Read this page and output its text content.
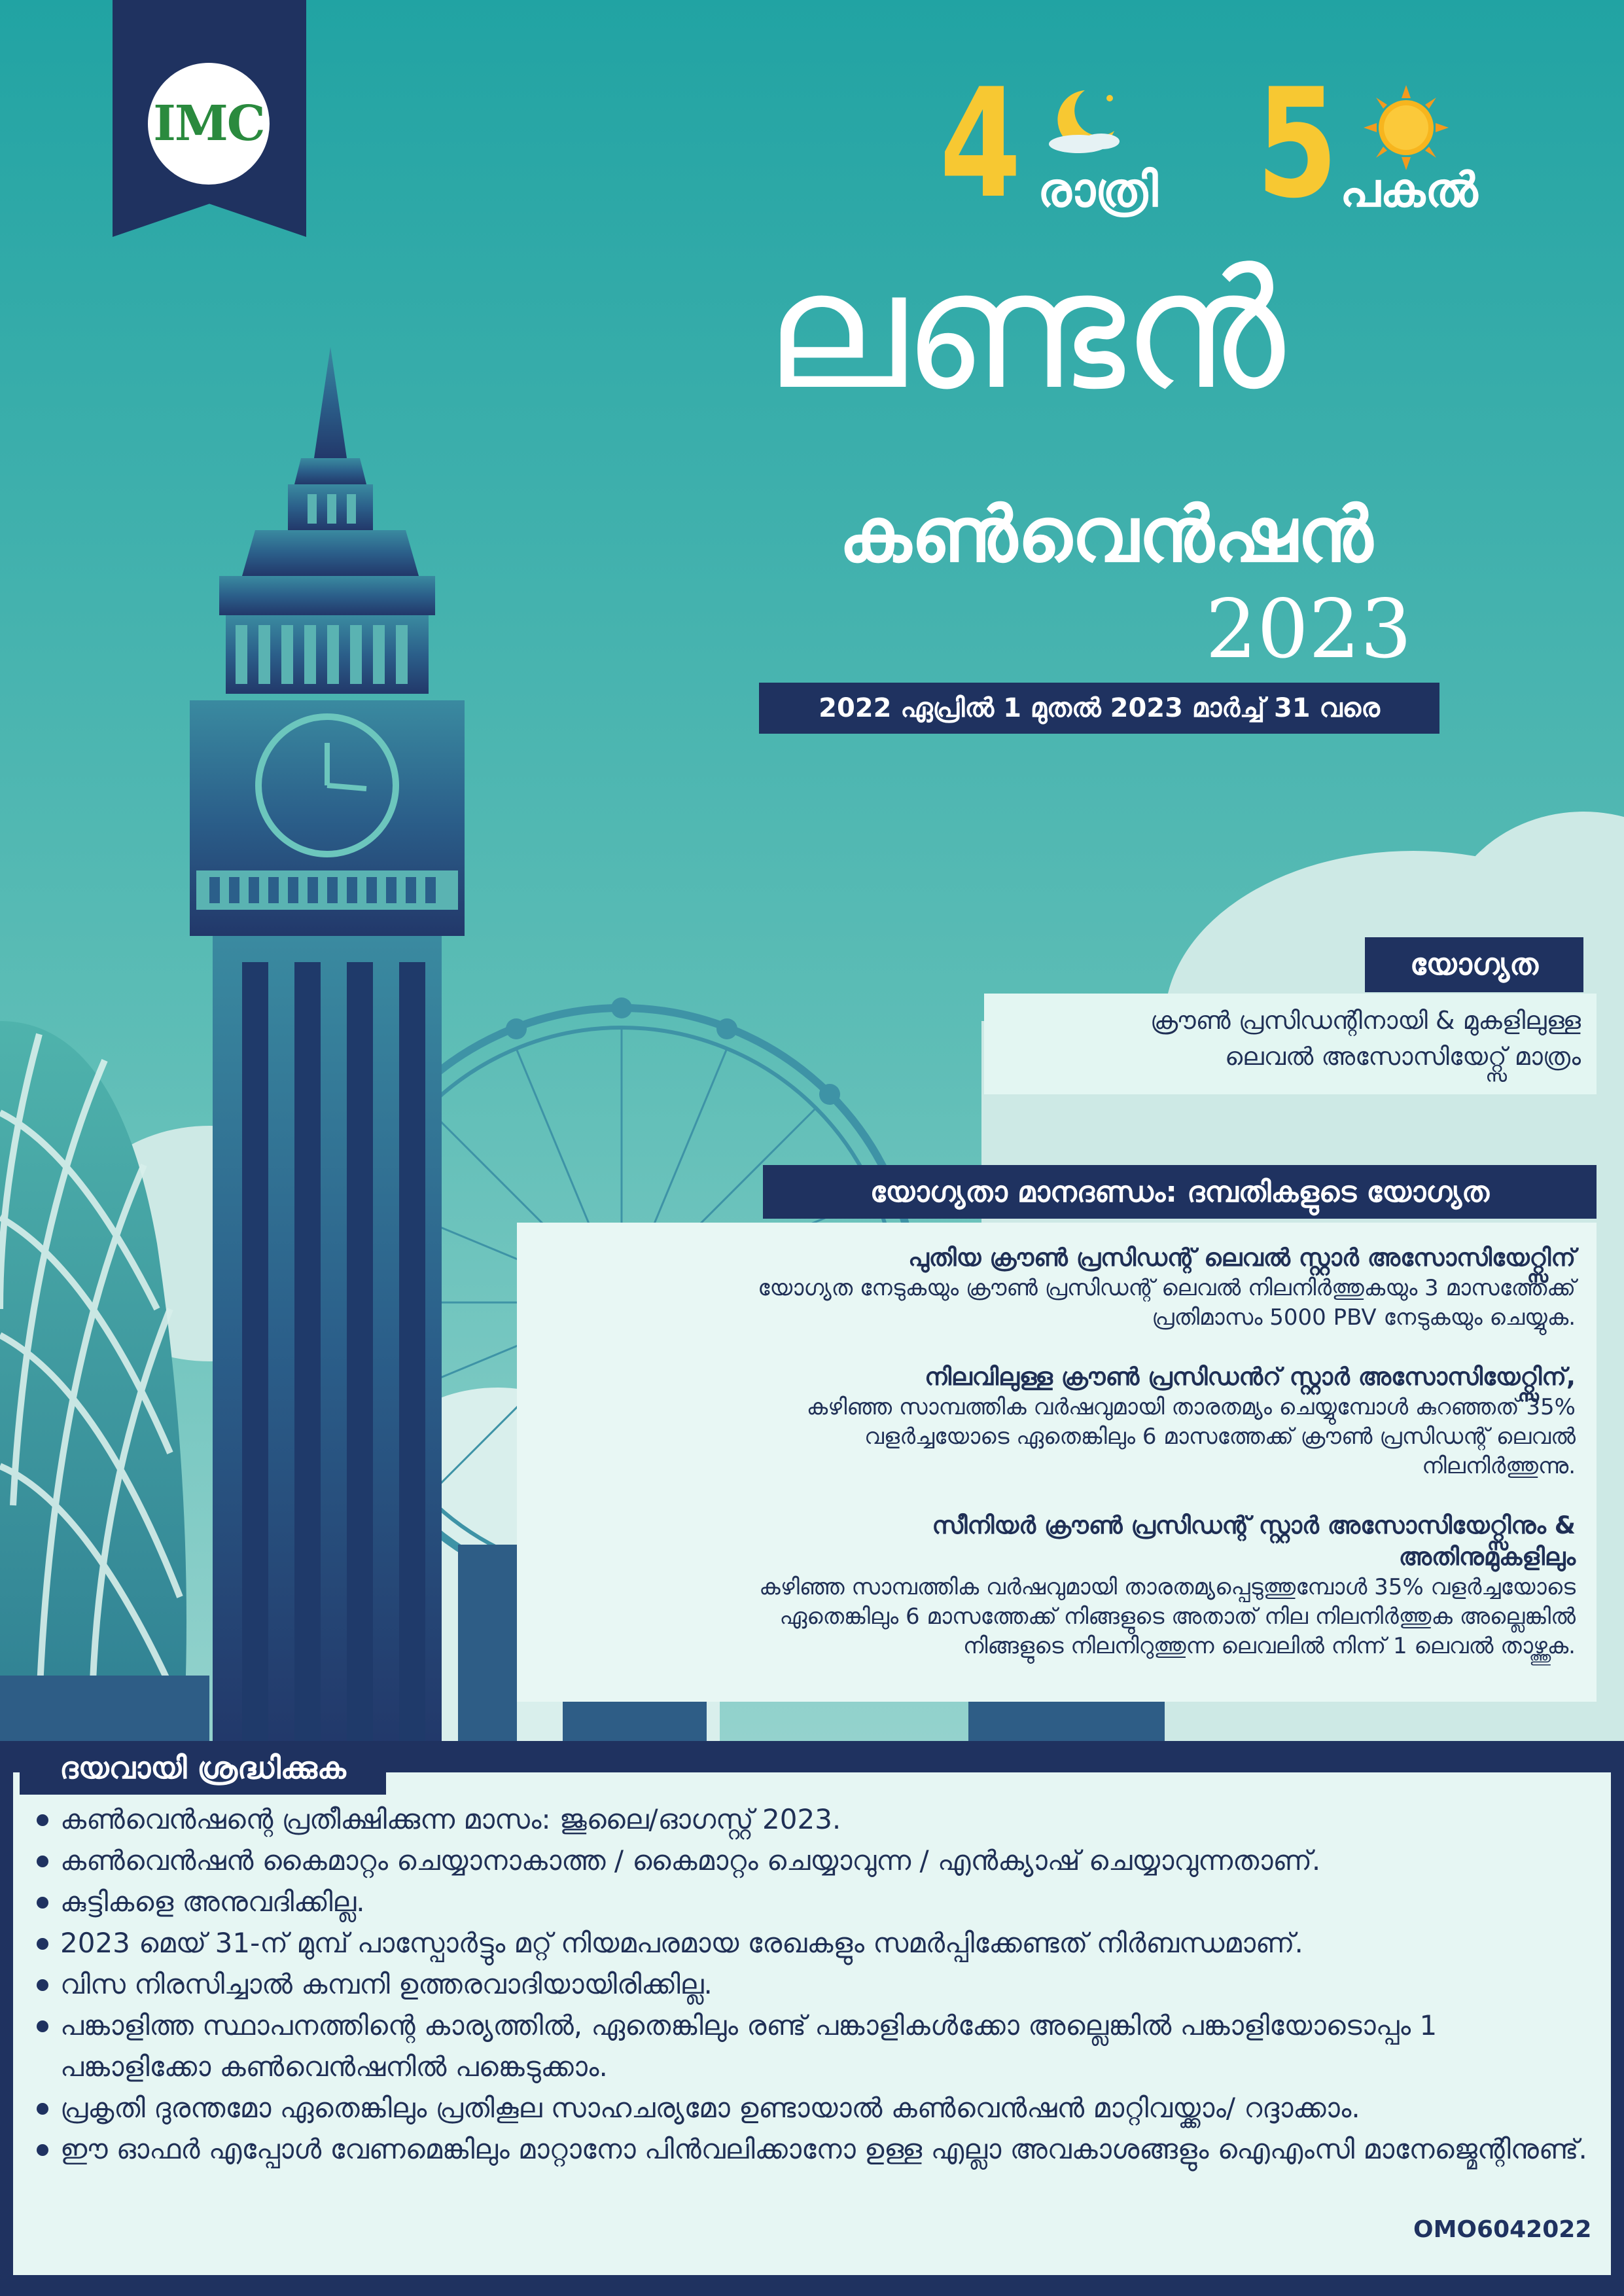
IMC	4 രാത്രി 5 പകൽ
ലണ്ടൻ
കൺവെൻഷൻ
2023
2022 ഏപ്രിൽ 1 മുതൽ 2023 മാർച്ച് 31 വരെ
യോഗ്യത
ക്രൗൺ പ്രസിഡന്റിനായി & മുകളിലുള്ള
ലെവൽ അസോസിയേറ്റ്സ് മാത്രം
യോഗ്യതാ മാനദണ്ഡം: ദമ്പതികളുടെ യോഗ്യത
പുതിയ ക്രൗൺ പ്രസിഡന്റ് ലെവൽ സ്റ്റാർ അസോസിയേറ്റ്സിന്
യോഗ്യത നേടുകയും ക്രൗൺ പ്രസിഡന്റ് ലെവൽ നിലനിർത്തുകയും 3 മാസത്തേക്ക്
പ്രതിമാസം 5000 PBV നേടുകയും ചെയ്യുക.
നിലവിലുള്ള ക്രൗൺ പ്രസിഡൻറ് സ്റ്റാർ അസോസിയേറ്റ്സിന്,
കഴിഞ്ഞ സാമ്പത്തിക വർഷവുമായി താരതമ്യം ചെയ്യുമ്പോൾ കുറഞ്ഞത് 35%
വളർച്ചയോടെ ഏതെങ്കിലും 6 മാസത്തേക്ക് ക്രൗൺ പ്രസിഡന്റ് ലെവൽ
നിലനിർത്തുന്നു.
സീനിയർ ക്രൗൺ പ്രസിഡന്റ് സ്റ്റാർ അസോസിയേറ്റ്സിനും &
അതിനുമുകളിലും
കഴിഞ്ഞ സാമ്പത്തിക വർഷവുമായി താരതമ്യപ്പെടുത്തുമ്പോൾ 35% വളർച്ചയോടെ
ഏതെങ്കിലും 6 മാസത്തേക്ക് നിങ്ങളുടെ അതാത് നില നിലനിർത്തുക അല്ലെങ്കിൽ
നിങ്ങളുടെ നിലനിറുത്തുന്ന ലെവലിൽ നിന്ന് 1 ലെവൽ താഴ്ത്തുക.
ദയവായി ശ്രദ്ധിക്കുക
കൺവെൻഷന്റെ പ്രതീക്ഷിക്കുന്ന മാസം: ജൂലൈ/ഓഗസ്റ്റ് 2023.
കൺവെൻഷൻ കൈമാറ്റം ചെയ്യാനാകാത്ത / കൈമാറ്റം ചെയ്യാവുന്ന / എൻക്യാഷ് ചെയ്യാവുന്നതാണ്.
കുട്ടികളെ അനുവദിക്കില്ല.
2023 മെയ് 31-ന് മുമ്പ് പാസ്പോർട്ടും മറ്റ് നിയമപരമായ രേഖകളും സമർപ്പിക്കേണ്ടത് നിർബന്ധമാണ്.
വിസ നിരസിച്ചാൽ കമ്പനി ഉത്തരവാദിയായിരിക്കില്ല.
പങ്കാളിത്ത സ്ഥാപനത്തിന്റെ കാര്യത്തിൽ, ഏതെങ്കിലും രണ്ട് പങ്കാളികൾക്കോ അല്ലെങ്കിൽ പങ്കാളിയോടൊപ്പം 1 പങ്കാളിക്കോ കൺവെൻഷനിൽ പങ്കെടുക്കാം.
പ്രകൃതി ദുരന്തമോ ഏതെങ്കിലും പ്രതികൂല സാഹചര്യമോ ഉണ്ടായാൽ കൺവെൻഷൻ മാറ്റിവയ്ക്കാം/ റദ്ദാക്കാം.
ഈ ഓഫർ എപ്പോൾ വേണമെങ്കിലും മാറ്റാനോ പിൻവലിക്കാനോ ഉള്ള എല്ലാ അവകാശങ്ങളും ഐഎംസി മാനേജ്മെന്റിനുണ്ട്.
OMO6042022
